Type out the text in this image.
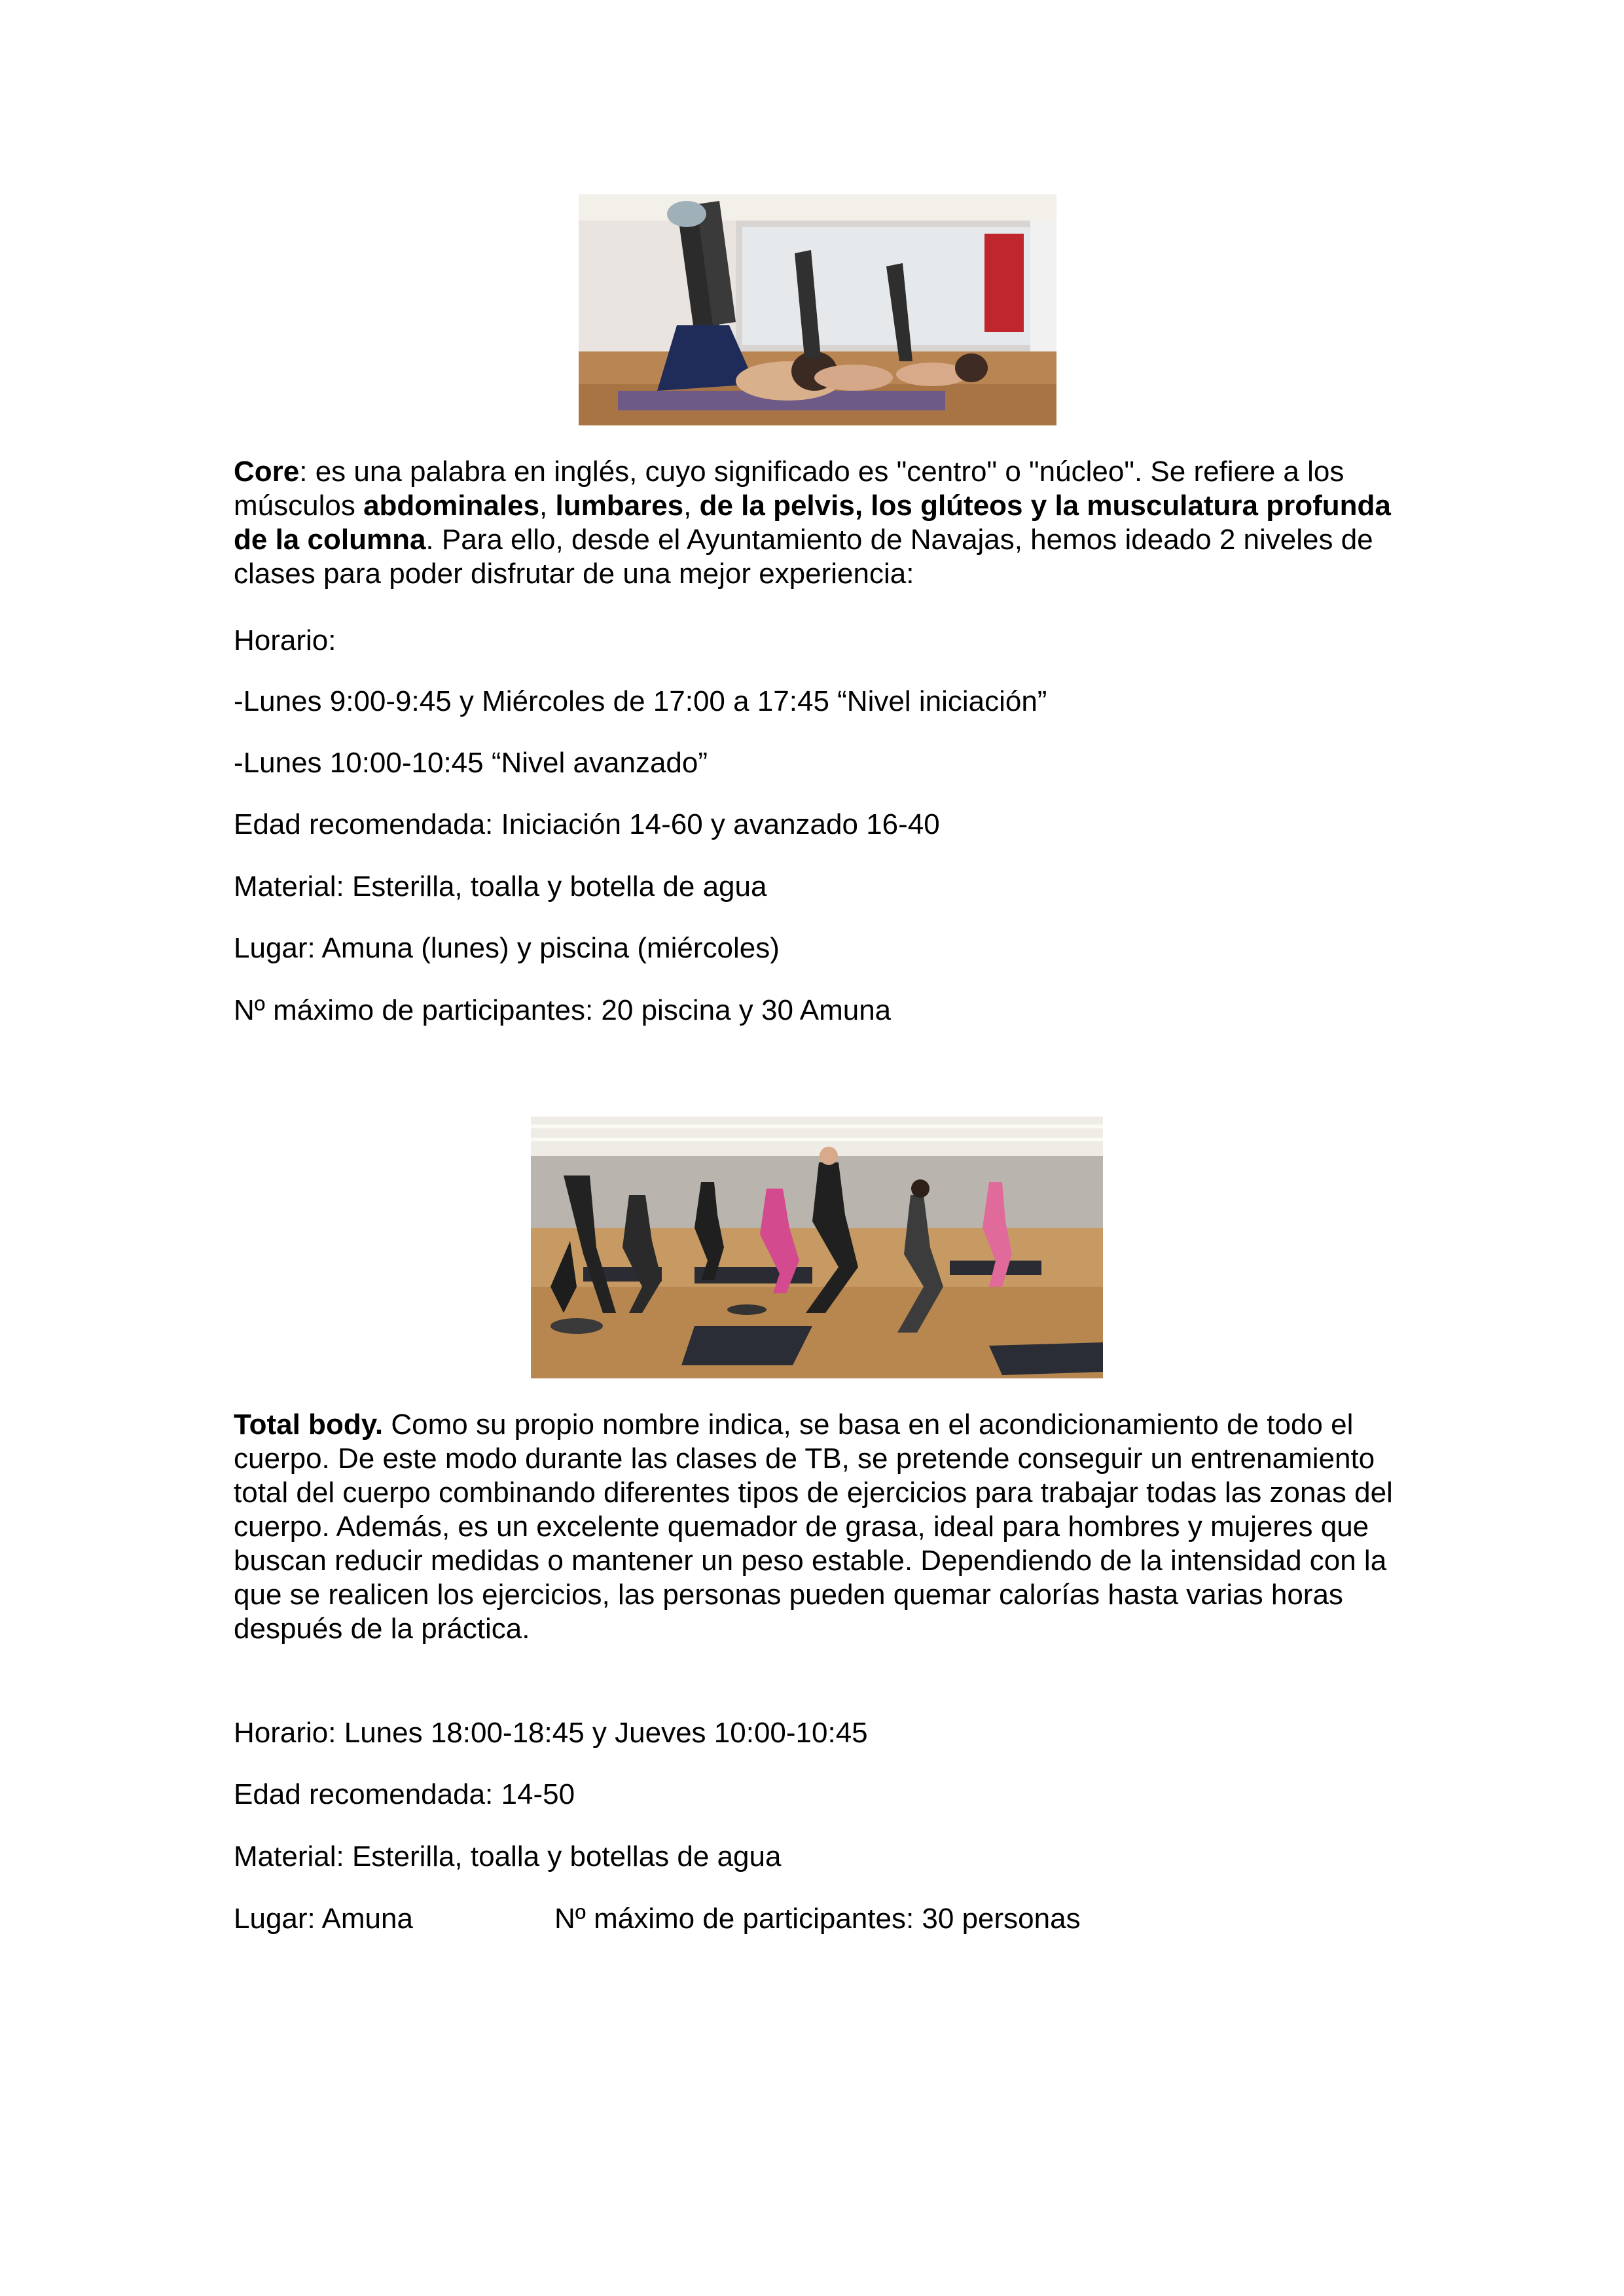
Core: es una palabra en inglés, cuyo significado es "centro" o "núcleo". Se refiere a los músculos abdominales, lumbares, de la pelvis, los glúteos y la musculatura profunda de la columna. Para ello, desde el Ayuntamiento de Navajas, hemos ideado 2 niveles de clases para poder disfrutar de una mejor experiencia:

Horario:

-Lunes 9:00-9:45 y Miércoles de 17:00 a 17:45 “Nivel iniciación”

-Lunes 10:00-10:45 “Nivel avanzado”

Edad recomendada: Iniciación 14-60 y avanzado 16-40

Material: Esterilla, toalla y botella de agua

Lugar: Amuna (lunes) y piscina (miércoles)

Nº máximo de participantes: 20 piscina y 30 Amuna

Total body. Como su propio nombre indica, se basa en el acondicionamiento de todo el cuerpo. De este modo durante las clases de TB, se pretende conseguir un entrenamiento total del cuerpo combinando diferentes tipos de ejercicios para trabajar todas las zonas del cuerpo. Además, es un excelente quemador de grasa, ideal para hombres y mujeres que buscan reducir medidas o mantener un peso estable. Dependiendo de la intensidad con la que se realicen los ejercicios, las personas pueden quemar calorías hasta varias horas después de la práctica.

Horario: Lunes 18:00-18:45 y Jueves 10:00-10:45

Edad recomendada: 14-50

Material: Esterilla, toalla y botellas de agua

Lugar: Amuna	Nº máximo de participantes: 30 personas
